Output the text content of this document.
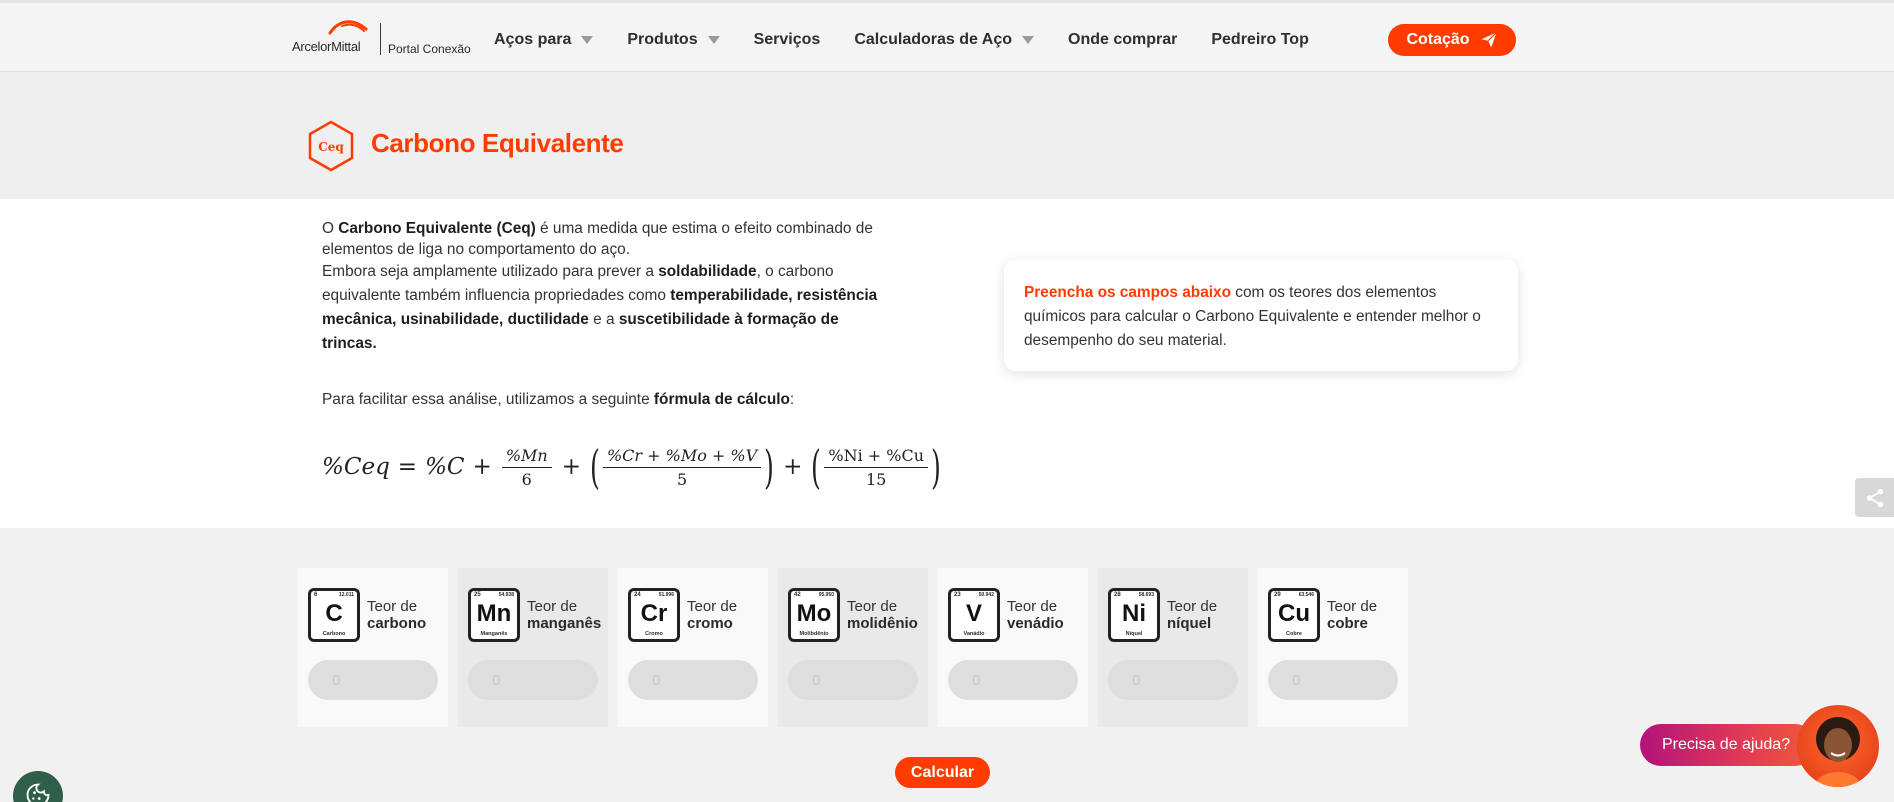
ArcelorMittal Portal Conexão
Aços para	Produtos	Serviços Calculadoras de Aço	Onde comprar Pedreiro Top	Cotação
Ceq Carbono Equivalente

O Carbono Equivalente (Ceq) é uma medida que estima o efeito combinado de elementos de liga no comportamento do aço.

Embora seja amplamente utilizado para prever a soldabilidade, o carbono equivalente também influencia propriedades como temperabilidade, resistência mecânica, usinabilidade, ductilidade e a suscetibilidade à formação de trincas.

Para facilitar essa análise, utilizamos a seguinte fórmula de cálculo:

$\%Ceq = \%C + \frac{\%Mn}{6}$ + ( $\frac{\%Cr + \%Mo + \%V}{5}$ ) + ( $\frac{\%Ni + \%Cu}{15}$ )
Preencha os campos abaixo com os teores dos elementos químicos para calcular o Carbono Equivalente e entender melhor o desempenho do seu material.
6	12.011
C
Carbono
Teor de
carbono
0
25	54.938
Mn
Manganês
Teor de
manganês
0
24	51.996
Cr
Cromo
Teor de
cromo
0
42	95.950
Mo
Molibdênio
Teor de
molidênio
0
23	50.942
V
Vanádio
Teor de
venádio
0
28	58.693
Ni
Níquel
Teor de
níquel
0
29	63.546
Cu
Cobre
Teor de
cobre
0
Calcular
Precisa de ajuda?
